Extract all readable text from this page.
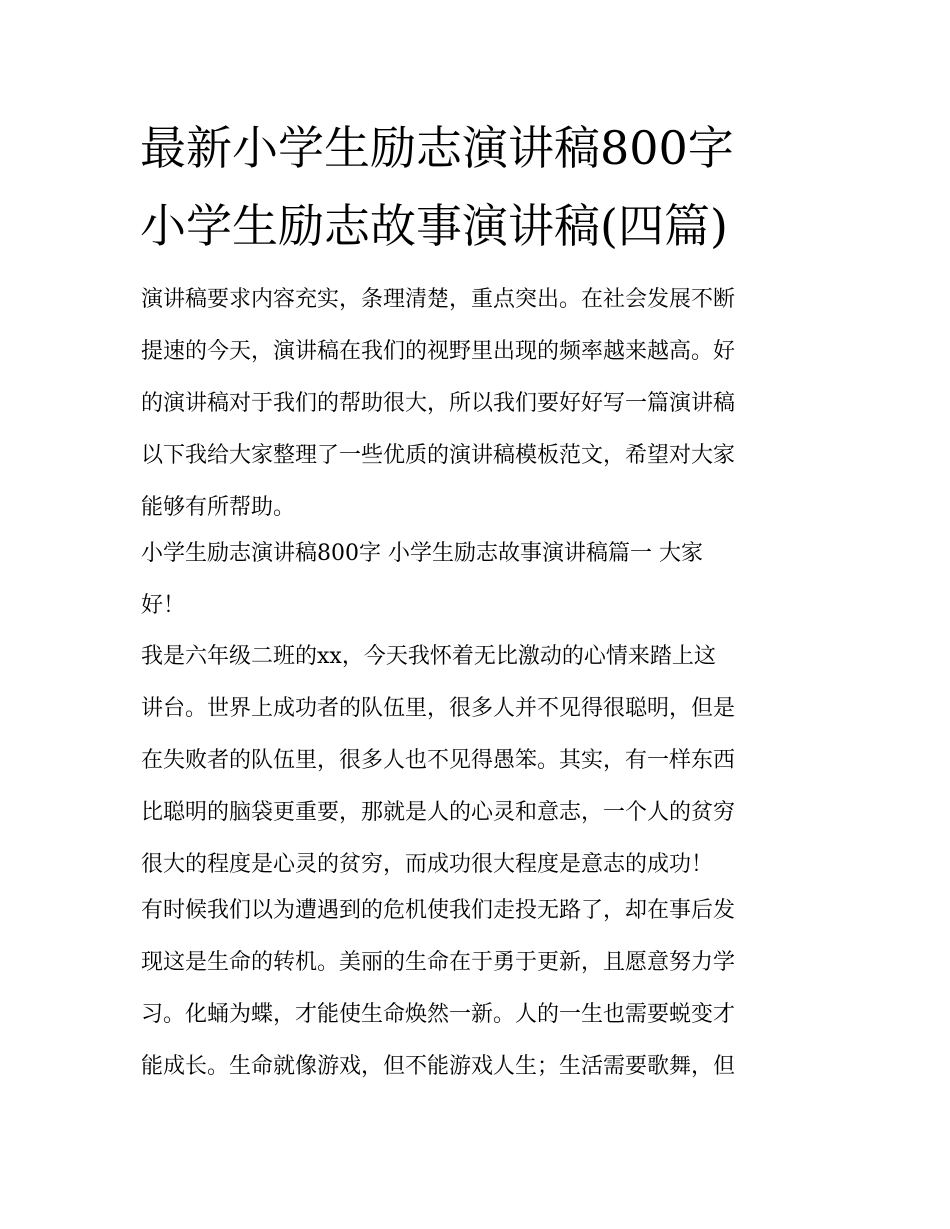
最新小学生励志演讲稿800字
小学生励志故事演讲稿(四篇)

演讲稿要求内容充实，条理清楚，重点突出。在社会发展不断

提速的今天，演讲稿在我们的视野里出现的频率越来越高。好

的演讲稿对于我们的帮助很大，所以我们要好好写一篇演讲稿

以下我给大家整理了一些优质的演讲稿模板范文，希望对大家

能够有所帮助。

小学生励志演讲稿800字 小学生励志故事演讲稿篇一 大家

好！

我是六年级二班的xx，今天我怀着无比激动的心情来踏上这

讲台。世界上成功者的队伍里，很多人并不见得很聪明，但是

在失败者的队伍里，很多人也不见得愚笨。其实，有一样东西

比聪明的脑袋更重要，那就是人的心灵和意志，一个人的贫穷

很大的程度是心灵的贫穷，而成功很大程度是意志的成功！

有时候我们以为遭遇到的危机使我们走投无路了，却在事后发

现这是生命的转机。美丽的生命在于勇于更新，且愿意努力学

习。化蛹为蝶，才能使生命焕然一新。人的一生也需要蜕变才

能成长。生命就像游戏，但不能游戏人生；生活需要歌舞，但
